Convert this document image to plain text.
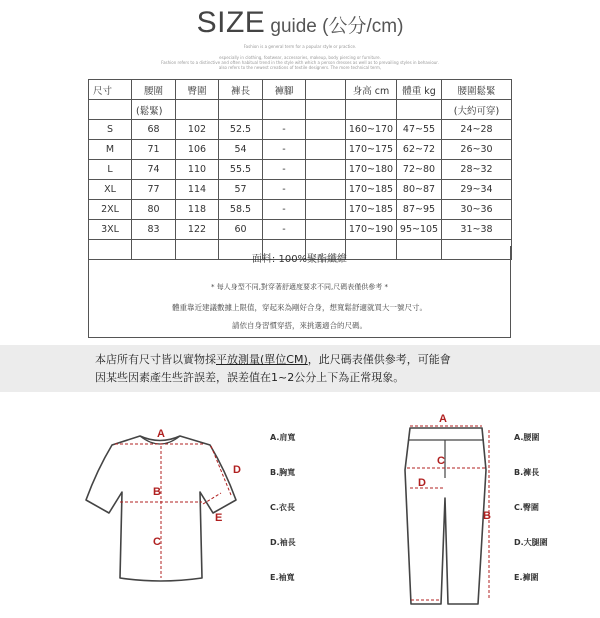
SIZE guide (公分/cm)
Fashion is a general term for a popular style or practice.
especially in clothing, footwear, accessories, makeup, body piercing or furniture.
Fashion refers to a distinctive and often habitual trend in the style with which a person dresses as well as to prevailing styles in behaviour.
also refers to the newest creations of textile designers. The more technical term,
尺寸	腰圍	臀圍	褲長	褲腳		身高 cm	體重 kg	腰圍鬆緊
	(鬆緊)							(大約可穿)
S	68	102	52.5	-		160~170	47~55	24~28
M	71	106	54	-		170~175	62~72	26~30
L	74	110	55.5	-		170~180	72~80	28~32
XL	77	114	57	-		170~185	80~87	29~34
2XL	80	118	58.5	-		170~185	87~95	30~36
3XL	83	122	60	-		170~190	95~105	31~38

面料: 100%聚酯纖維
* 每人身型不同,對穿著舒適度要求不同,尺碼表僅供參考 *
體重靠近建議數據上限值，穿起來為剛好合身，想寬鬆舒適就買大一號尺寸。
請依自身習慣穿搭，來挑選適合的尺碼。
本店所有尺寸皆以實物採平放測量(單位CM)，此尺碼表僅供參考，可能會
因某些因素產生些許誤差，誤差值在1~2公分上下為正常現象。
A
B
C
D
E
A
B
C
D
A.肩寬
B.胸寬
C.衣長
D.袖長
E.袖寬
A.腰圍
B.褲長
C.臀圍
D.大腿圍
E.褲圍
